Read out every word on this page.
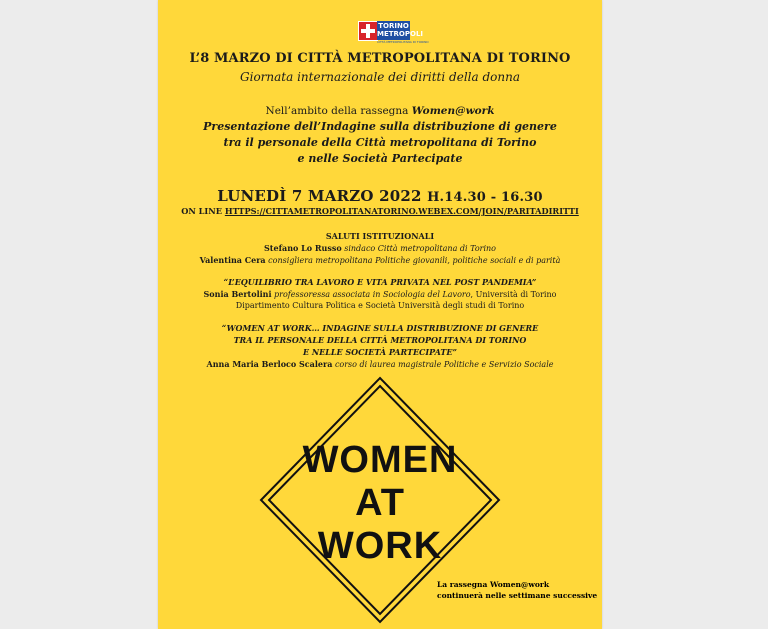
TORINO
METROPOLI
CITTÀ METROPOLITANA DI TORINO
L’8 MARZO DI CITTÀ METROPOLITANA DI TORINO
Giornata internazionale dei diritti della donna
Nell’ambito della rassegna Women@work
Presentazione dell’Indagine sulla distribuzione di genere
tra il personale della Città metropolitana di Torino
e nelle Società Partecipate
LUNEDÌ 7 MARZO 2022 H.14.30 - 16.30
ON LINE HTTPS://CITTAMETROPOLITANATORINO.WEBEX.COM/JOIN/PARITADIRITTI
SALUTI ISTITUZIONALI
Stefano Lo Russo sindaco Città metropolitana di Torino
Valentina Cera consigliera metropolitana Politiche giovanili, politiche sociali e di parità
“L’EQUILIBRIO TRA LAVORO E VITA PRIVATA NEL POST PANDEMIA”
Sonia Bertolini professoressa associata in Sociologia del Lavoro, Università di Torino
Dipartimento Cultura Politica e Società Università degli studi di Torino
“WOMEN AT WORK… INDAGINE SULLA DISTRIBUZIONE DI GENERE
TRA IL PERSONALE DELLA CITTÀ METROPOLITANA DI TORINO
E NELLE SOCIETÀ PARTECIPATE”
Anna Maria Berloco Scalera corso di laurea magistrale Politiche e Servizio Sociale
WOMEN
AT
WORK
La rassegna Women@work
continuerà nelle settimane successive
